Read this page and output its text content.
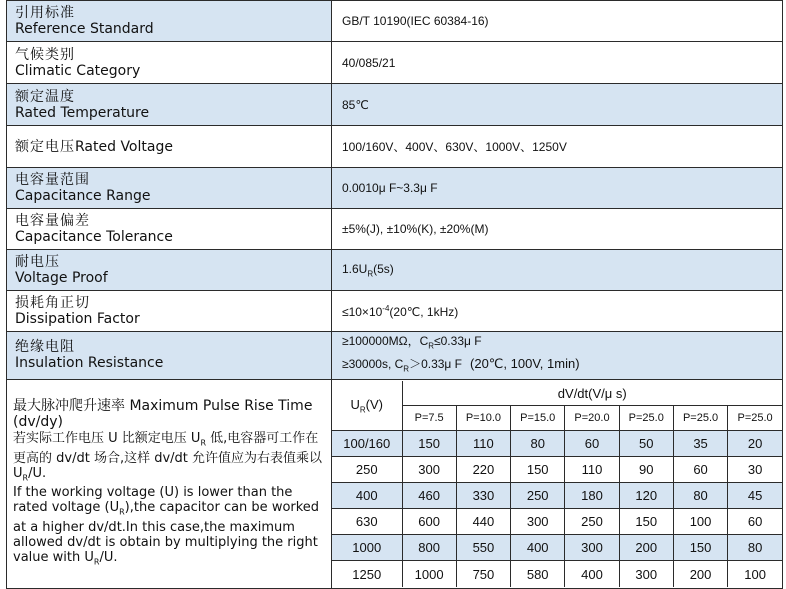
引用标准
Reference Standard	GB/T 10190(IEC 60384-16)
气候类别
Climatic Category	40/085/21
额定温度
Rated Temperature	85℃
额定电压Rated Voltage	100/160V、400V、630V、1000V、1250V
电容量范围
Capacitance Range	0.0010μ F~3.3μ F
电容量偏差
Capacitance Tolerance	±5%(J), ±10%(K), ±20%(M)
耐电压
Voltage Proof	$1.6U_R(5s)$
损耗角正切
Dissipation Factor	$\le 10\times 10^{-4}(20℃$, 1kHz)
绝缘电阻
Insulation Resistance	
≥100000MΩ，$C_R\le 0.33\mu$ F
≥30000s, $C_R>0.33\mu$ F (20℃, 100V, 1min)

最大脉冲爬升速率 Maximum Pulse Rise Time (dv/dy)
若实际工作电压 U 比额定电压 $U_R$ 低,电容器可工作在更高的 dv/dt 场合,这样 dv/dt 允许值应为右表值乘以 $U_R/U$.
If the working voltage (U) is lower than the rated voltage $(U_R),the$ capacitor can be worked at a higher dv/dt.In this case,the maximum allowed dv/dt is obtain by multiplying the right value with $U_R/U$.

$U_R(V)$	dV/dt(V/μ s)
P=7.5	P=10.0	P=15.0	P=20.0	P=25.0	P=25.0	P=25.0
100/160	150	110	80	60	50	35	20
250	300	220	150	110	90	60	30
400	460	330	250	180	120	80	45
630	600	440	300	250	150	100	60
1000	800	550	400	300	200	150	80
1250	1000	750	580	400	300	200	100
